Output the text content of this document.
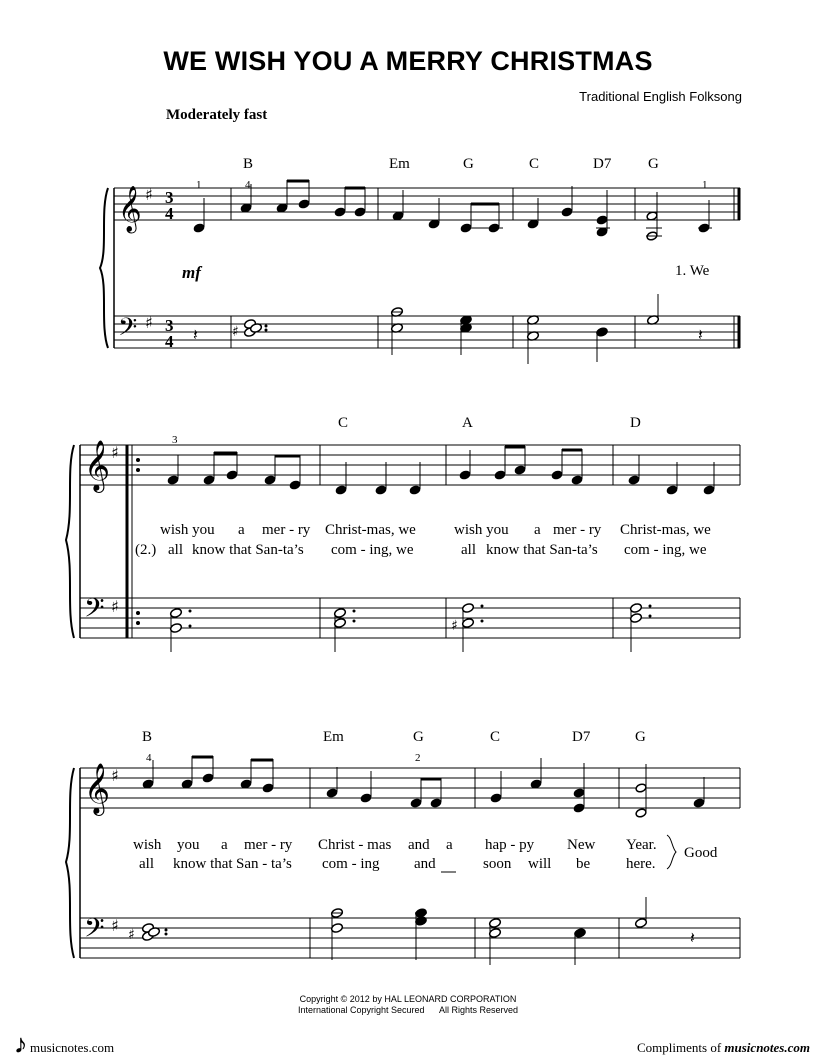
WE WISH YOU A MERRY CHRISTMAS
Traditional English Folksong
Moderately fast
𝄞
𝄢
♯
♯
𝄞
𝄢
♯
♯
𝄞
𝄢
♯
♯
3
4
3
4 𝄽 ♯	𝄽
♯
♯	𝄽
B	Em	G	C	D7 G
C	A	D
B	Em	G	C	D7	G
1	4	1
3
4	2
mf	1. We
wish you a mer - ry Christ-mas, we	wish you a mer - ry Christ-mas, we
(2.) all know that San-ta’s com - ing, we	all know that San-ta’s com - ing, we
wish you a mer - ry Christ - mas and a hap - py New Year.
all know that San - ta’s com - ing and	soon will be here.
Good
Copyright © 2012 by HAL LEONARD CORPORATION
International Copyright Secured      All Rights Reserved
𝅘𝅥𝅮 musicnotes.com	Compliments of musicnotes.com
